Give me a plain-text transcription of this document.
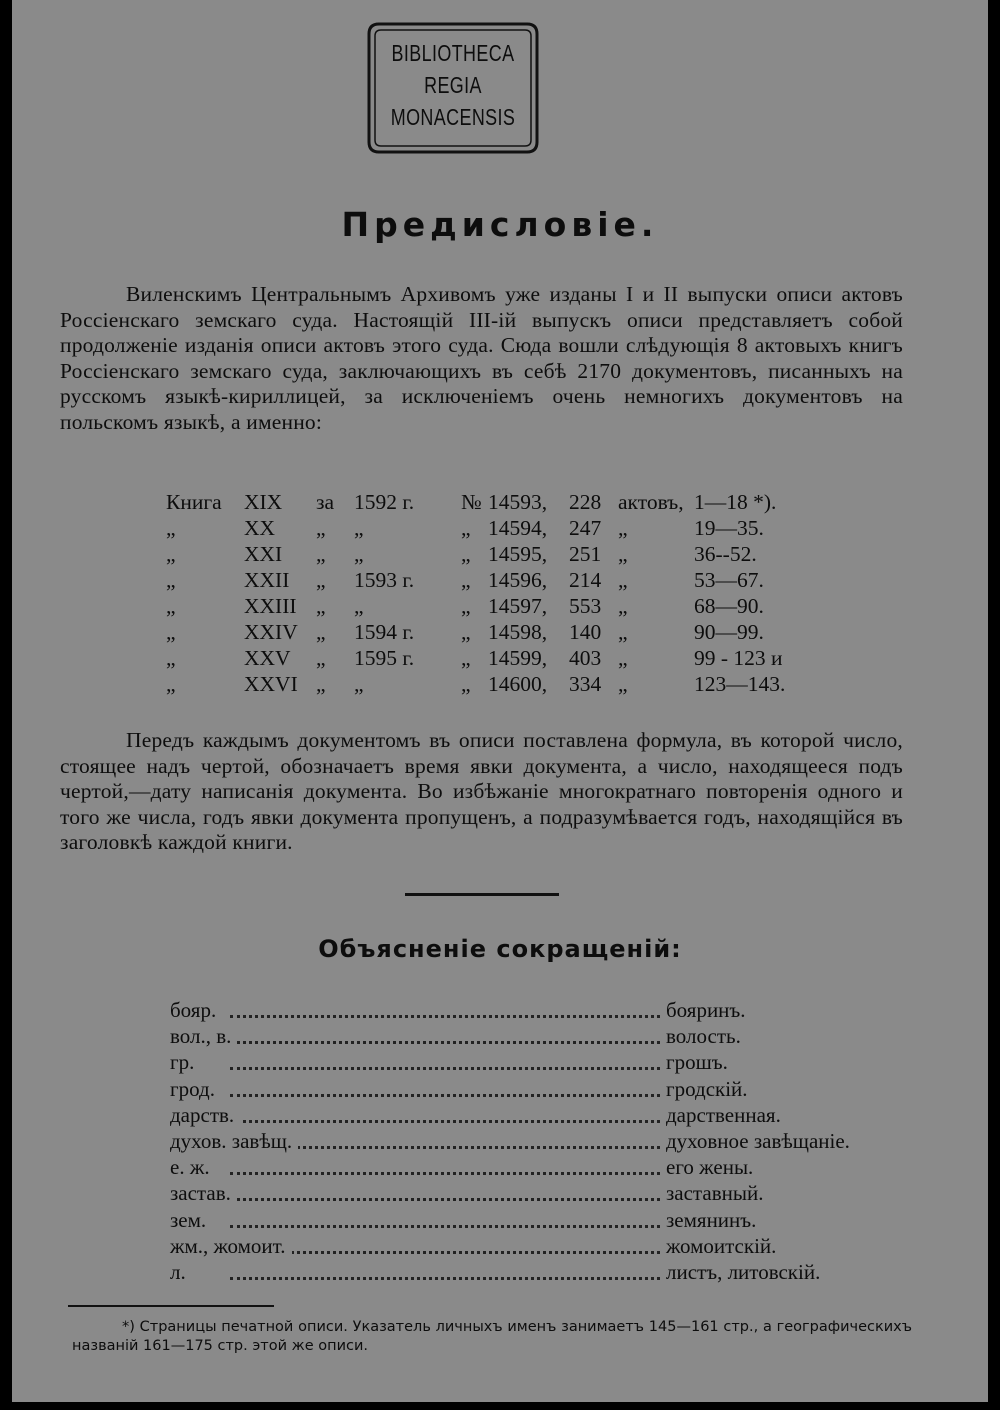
BIBLIOTHECA
REGIA
MONACENSIS
Предисловіе.

Виленскимъ Центральнымъ Архивомъ уже изданы I и II выпуски описи актовъ Россіенскаго земскаго суда. Настоящій III-ій выпускъ описи представляетъ собой продолженіе изданія описи актовъ этого суда. Сюда вошли слѣдующія 8 актовыхъ книгъ Россіенскаго земскаго суда, заключающихъ въ себѣ 2170 документовъ, писанныхъ на русскомъ языкѣ-кириллицей, за исключеніемъ очень немногихъ документовъ на польскомъ языкѣ, а именно:

Книга XIX за 1592 г. № 14593, 228 актовъ, 1—18 *).
„	XX „ „	„ 14594, 247 „	19—35.
„	XXI „ „	„ 14595, 251 „	36--52.
„	XXII „ 1593 г. „ 14596, 214 „	53—67.
„	XXIII „ „	„ 14597, 553 „	68—90.
„	XXIV „ 1594 г. „ 14598, 140 „	90—99.
„	XXV „ 1595 г. „ 14599, 403 „	99 - 123 и
„	XXVI „ „	„ 14600, 334 „	123—143.

Передъ каждымъ документомъ въ описи поставлена формула, въ которой число, стоящее надъ чертой, обозначаетъ время явки документа, а число, находящееся подъ чертой,—дату написанія документа. Во избѣжаніе многократнаго повторенія одного и того же числа, годъ явки документа пропущенъ, а подразумѣвается годъ, находящійся въ заголовкѣ каждой книги.

Объясненіе сокращеній:
бояр.	бояринъ.
вол., в.	волость.
гр.	грошъ.
грод.	гродскій.
дарств.	дарственная.
духов. завѣщ.	духовное завѣщаніе.
е. ж.	его жены.
застав.	заставный.
зем.	земянинъ.
жм., жомоит.	жомоитскій.
л.	листъ, литовскій.

*) Страницы печатной описи. Указатель личныхъ именъ занимаетъ 145—161 стр., а географическихъ названій 161—175 стр. этой же описи.
